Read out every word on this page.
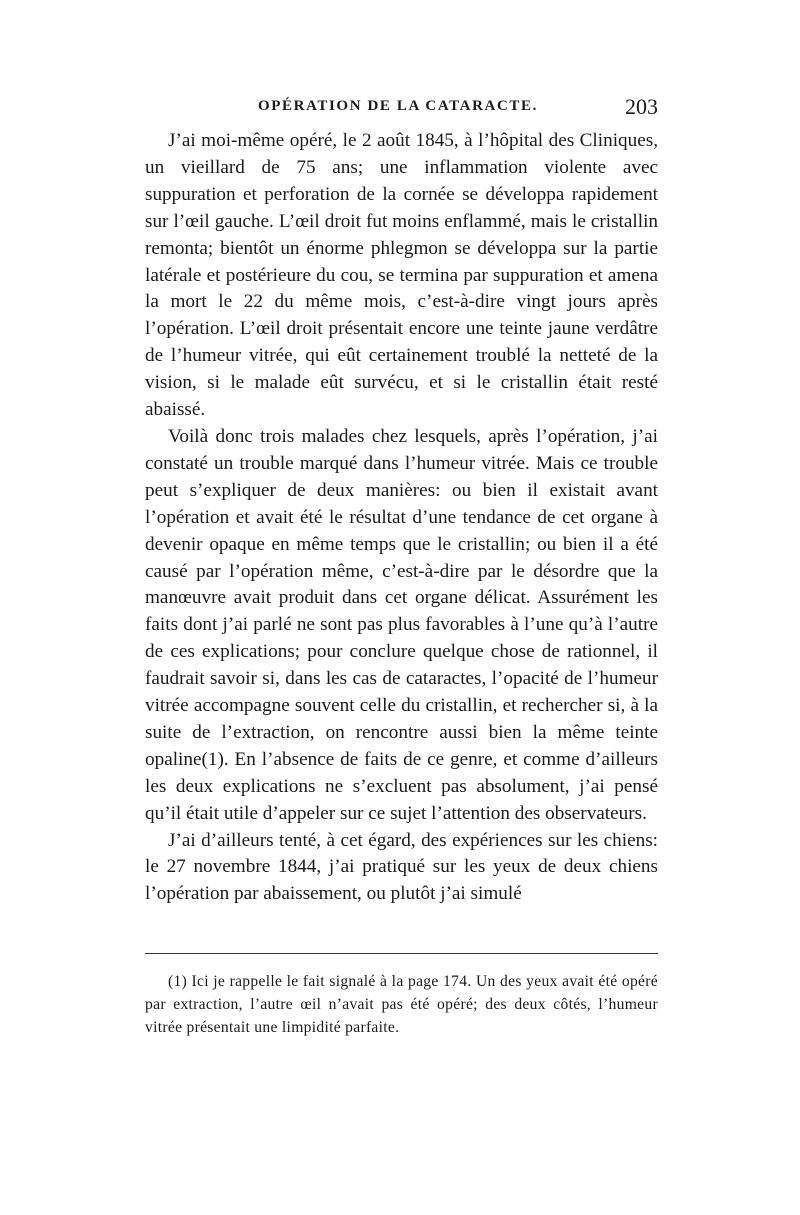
OPÉRATION DE LA CATARACTE.	203

J’ai moi-même opéré, le 2 août 1845, à l’hôpital des Cliniques, un vieillard de 75 ans; une inflammation violente avec suppuration et perforation de la cornée se développa rapidement sur l’œil gauche. L’œil droit fut moins enflammé, mais le cristallin remonta; bientôt un énorme phlegmon se développa sur la partie latérale et postérieure du cou, se termina par suppuration et amena la mort le 22 du même mois, c’est-à-dire vingt jours après l’opération. L’œil droit présentait encore une teinte jaune verdâtre de l’humeur vitrée, qui eût certainement troublé la netteté de la vision, si le malade eût survécu, et si le cristallin était resté abaissé.

Voilà donc trois malades chez lesquels, après l’opération, j’ai constaté un trouble marqué dans l’humeur vitrée. Mais ce trouble peut s’expliquer de deux manières: ou bien il existait avant l’opération et avait été le résultat d’une tendance de cet organe à devenir opaque en même temps que le cristallin; ou bien il a été causé par l’opération même, c’est-à-dire par le désordre que la manœuvre avait produit dans cet organe délicat. Assurément les faits dont j’ai parlé ne sont pas plus favorables à l’une qu’à l’autre de ces explications; pour conclure quelque chose de rationnel, il faudrait savoir si, dans les cas de cataractes, l’opacité de l’humeur vitrée accompagne souvent celle du cristallin, et rechercher si, à la suite de l’extraction, on rencontre aussi bien la même teinte opaline(1). En l’absence de faits de ce genre, et comme d’ailleurs les deux explications ne s’excluent pas absolument, j’ai pensé qu’il était utile d’appeler sur ce sujet l’attention des observateurs.

J’ai d’ailleurs tenté, à cet égard, des expériences sur les chiens: le 27 novembre 1844, j’ai pratiqué sur les yeux de deux chiens l’opération par abaissement, ou plutôt j’ai simulé

(1) Ici je rappelle le fait signalé à la page 174. Un des yeux avait été opéré par extraction, l’autre œil n’avait pas été opéré; des deux côtés, l’humeur vitrée présentait une limpidité parfaite.
